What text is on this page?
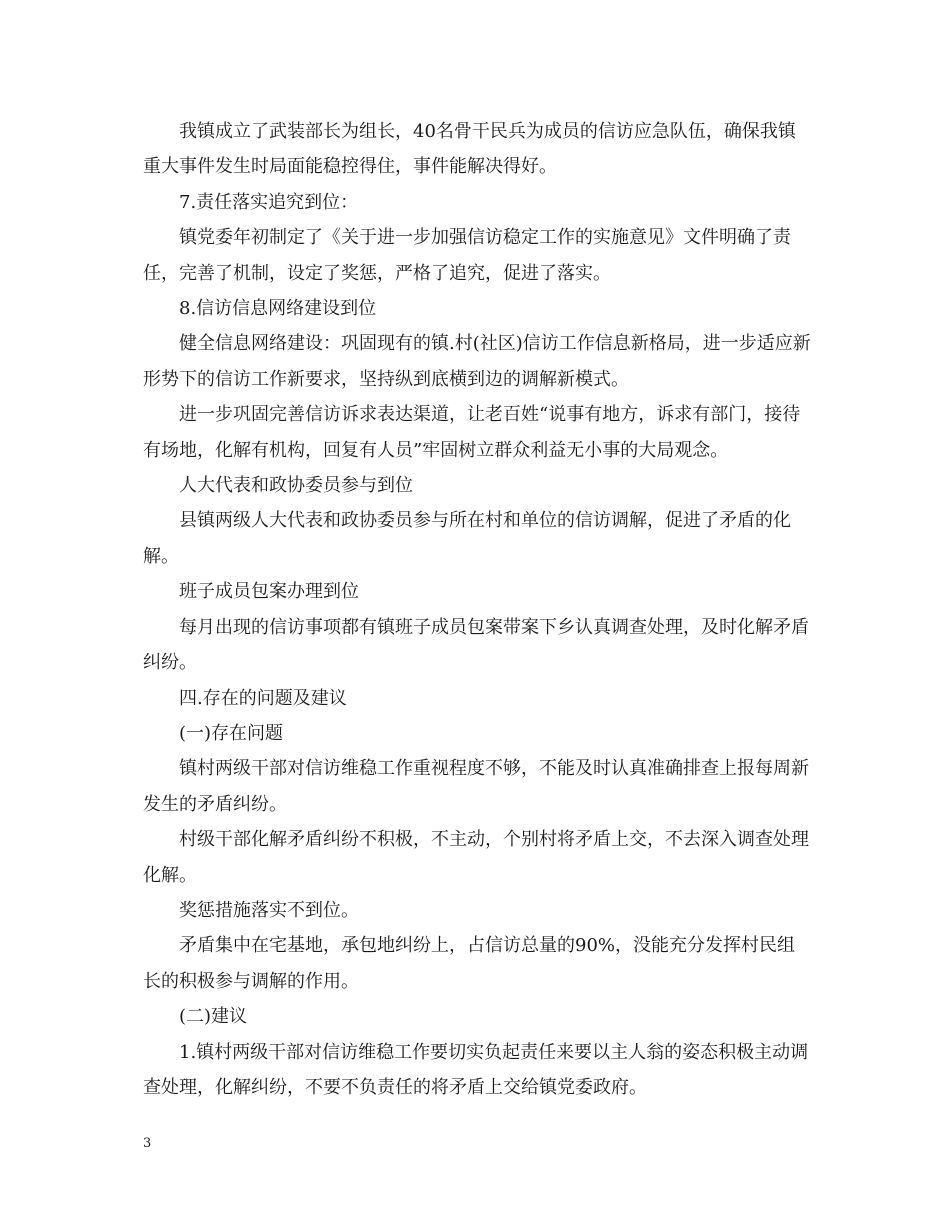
我镇成立了武装部长为组长，40名骨干民兵为成员的信访应急队伍，确保我镇重大事件发生时局面能稳控得住，事件能解决得好。

7.责任落实追究到位：

镇党委年初制定了《关于进一步加强信访稳定工作的实施意见》文件明确了责任，完善了机制，设定了奖惩，严格了追究，促进了落实。

8.信访信息网络建设到位

健全信息网络建设：巩固现有的镇.村(社区)信访工作信息新格局，进一步适应新形势下的信访工作新要求，坚持纵到底横到边的调解新模式。

进一步巩固完善信访诉求表达渠道，让老百姓“说事有地方，诉求有部门，接待有场地，化解有机构，回复有人员”牢固树立群众利益无小事的大局观念。

人大代表和政协委员参与到位

县镇两级人大代表和政协委员参与所在村和单位的信访调解，促进了矛盾的化解。

班子成员包案办理到位

每月出现的信访事项都有镇班子成员包案带案下乡认真调查处理，及时化解矛盾纠纷。

四.存在的问题及建议

(一)存在问题

镇村两级干部对信访维稳工作重视程度不够，不能及时认真准确排查上报每周新发生的矛盾纠纷。

村级干部化解矛盾纠纷不积极，不主动，个别村将矛盾上交，不去深入调查处理化解。

奖惩措施落实不到位。

矛盾集中在宅基地，承包地纠纷上，占信访总量的90%，没能充分发挥村民组长的积极参与调解的作用。

(二)建议

1.镇村两级干部对信访维稳工作要切实负起责任来要以主人翁的姿态积极主动调查处理，化解纠纷，不要不负责任的将矛盾上交给镇党委政府。

3
